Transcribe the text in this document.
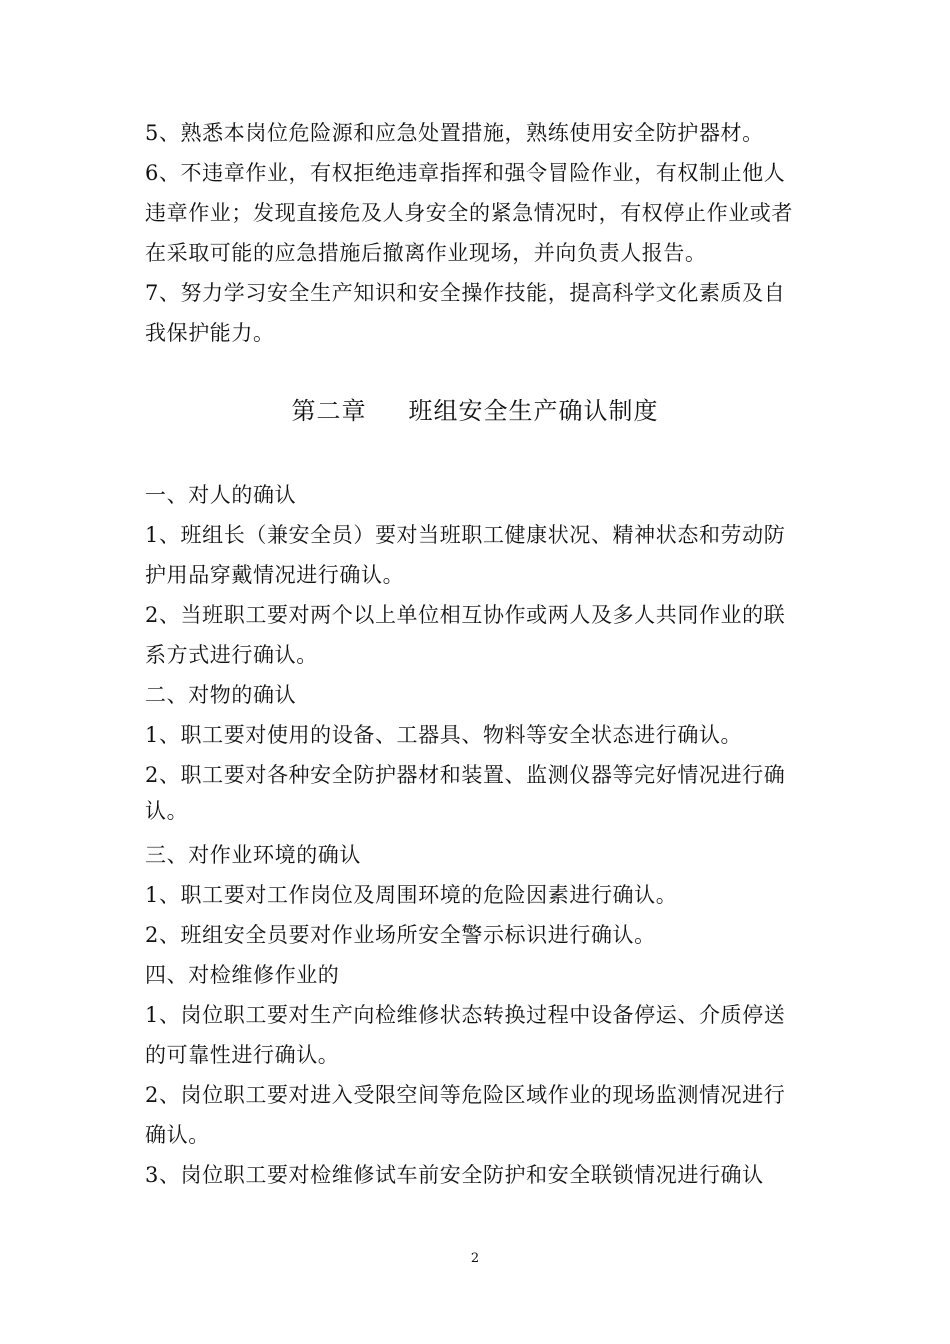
5、熟悉本岗位危险源和应急处置措施，熟练使用安全防护器材。
6、不违章作业，有权拒绝违章指挥和强令冒险作业，有权制止他人
违章作业；发现直接危及人身安全的紧急情况时，有权停止作业或者
在采取可能的应急措施后撤离作业现场，并向负责人报告。
7、努力学习安全生产知识和安全操作技能，提高科学文化素质及自
我保护能力。
第二章 班组安全生产确认制度
一、对人的确认
1、班组长（兼安全员）要对当班职工健康状况、精神状态和劳动防
护用品穿戴情况进行确认。
2、当班职工要对两个以上单位相互协作或两人及多人共同作业的联
系方式进行确认。
二、对物的确认
1、职工要对使用的设备、工器具、物料等安全状态进行确认。
2、职工要对各种安全防护器材和装置、监测仪器等完好情况进行确
认。
三、对作业环境的确认
1、职工要对工作岗位及周围环境的危险因素进行确认。
2、班组安全员要对作业场所安全警示标识进行确认。
四、对检维修作业的
1、岗位职工要对生产向检维修状态转换过程中设备停运、介质停送
的可靠性进行确认。
2、岗位职工要对进入受限空间等危险区域作业的现场监测情况进行
确认。
3、岗位职工要对检维修试车前安全防护和安全联锁情况进行确认
2
